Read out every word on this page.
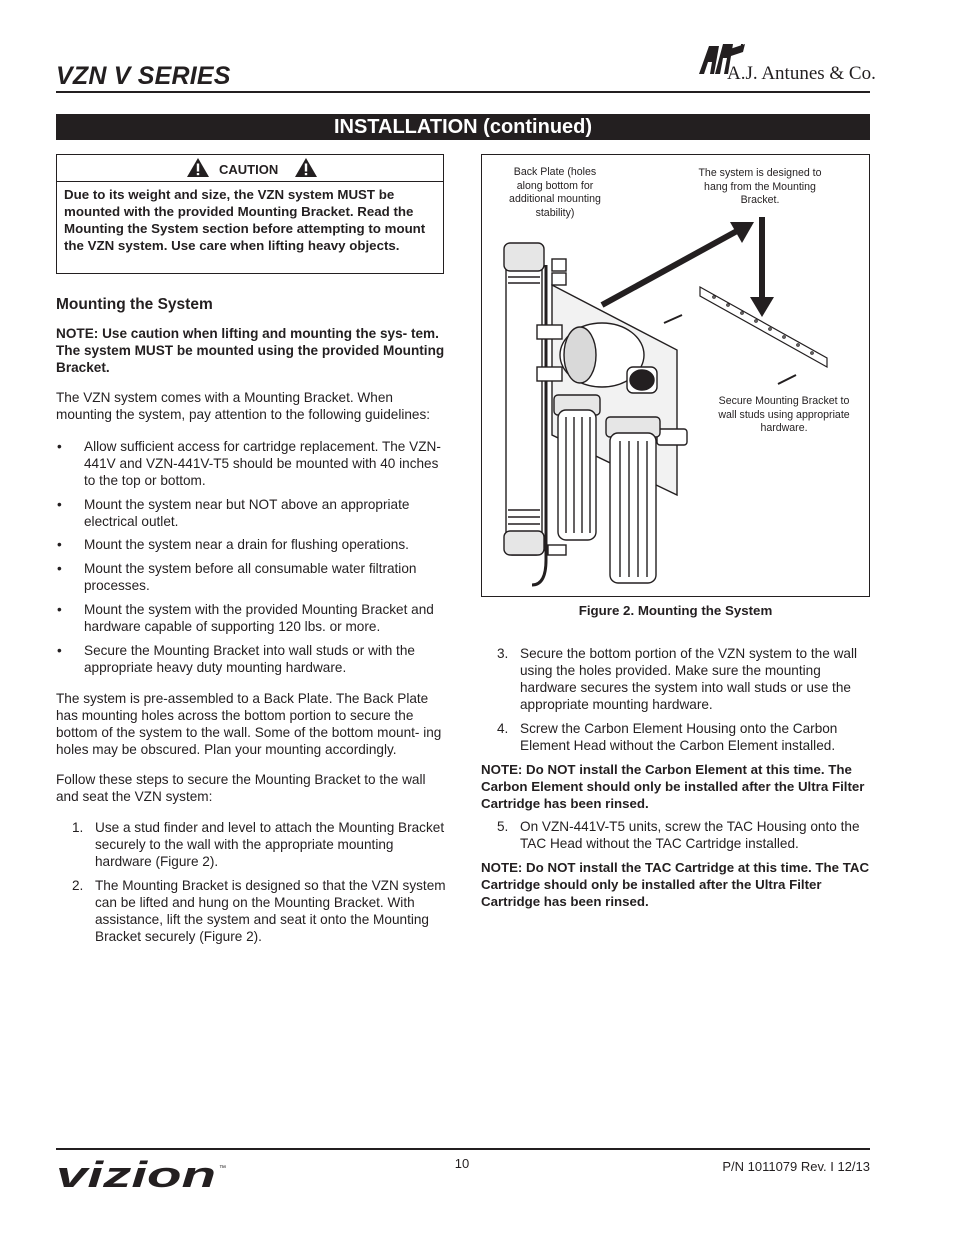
VZN V SERIES	A.J. Antunes & Co.
INSTALLATION (continued)
CAUTION
Due to its weight and size, the VZN system MUST be mounted with the provided Mounting Bracket. Read the Mounting the System section before attempting to mount the VZN system. Use care when lifting heavy objects.
Mounting the System
NOTE: Use caution when lifting and mounting the sys- tem. The system MUST be mounted using the provided Mounting Bracket.
The VZN system comes with a Mounting Bracket. When mounting the system, pay attention to the following guidelines:
• Allow sufficient access for cartridge replacement. The VZN-441V and VZN-441V-T5 should be mounted with 40 inches to the top or bottom.
• Mount the system near but NOT above an appropriate electrical outlet.
• Mount the system near a drain for flushing operations.
• Mount the system before all consumable water filtration processes.
• Mount the system with the provided Mounting Bracket and hardware capable of supporting 120 lbs. or more.
• Secure the Mounting Bracket into wall studs or with the appropriate heavy duty mounting hardware.
The system is pre-assembled to a Back Plate. The Back Plate has mounting holes across the bottom portion to secure the bottom of the system to the wall. Some of the bottom mount- ing holes may be obscured. Plan your mounting accordingly.
Follow these steps to secure the Mounting Bracket to the wall and seat the VZN system:
1. Use a stud finder and level to attach the Mounting Bracket securely to the wall with the appropriate mounting hardware (Figure 2).
2. The Mounting Bracket is designed so that the VZN system can be lifted and hung on the Mounting Bracket. With assistance, lift the system and seat it onto the Mounting Bracket securely (Figure 2).
Back Plate (holes along bottom for additional mounting stability)
The system is designed to hang from the Mounting Bracket.
Secure Mounting Bracket to wall studs using appropriate hardware.
Figure 2. Mounting the System
3. Secure the bottom portion of the VZN system to the wall using the holes provided. Make sure the mounting hardware secures the system into wall studs or use the appropriate mounting hardware.
4. Screw the Carbon Element Housing onto the Carbon Element Head without the Carbon Element installed.
NOTE: Do NOT install the Carbon Element at this time. The Carbon Element should only be installed after the Ultra Filter Cartridge has been rinsed.
5. On VZN-441V-T5 units, screw the TAC Housing onto the TAC Head without the TAC Cartridge installed.
NOTE: Do NOT install the TAC Cartridge at this time. The TAC Cartridge should only be installed after the Ultra Filter Cartridge has been rinsed.
vizion ™	10	P/N 1011079 Rev. I 12/13
